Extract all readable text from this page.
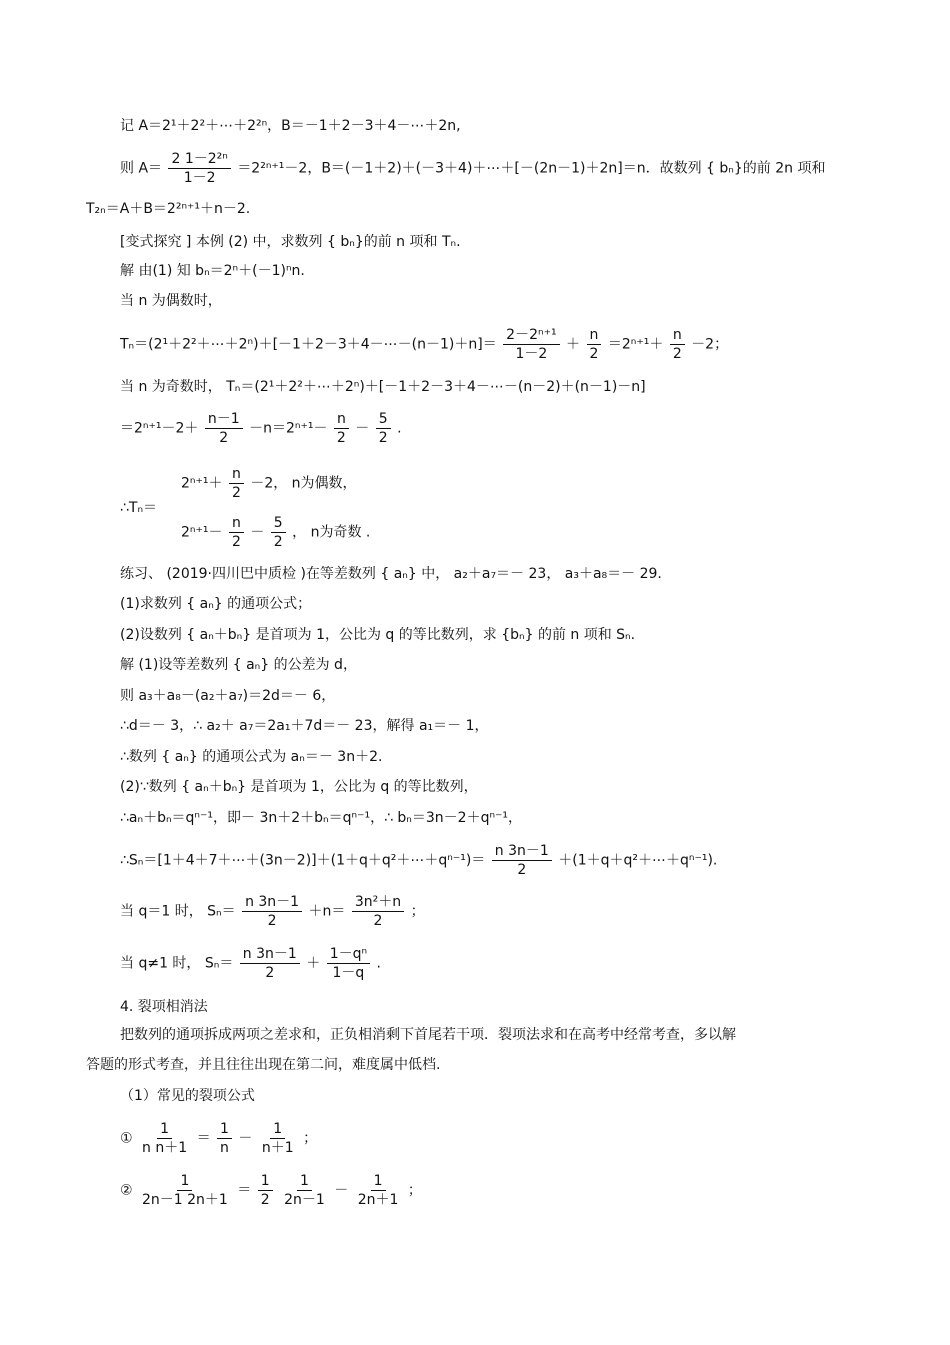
记 A＝2¹＋2²＋⋯＋2²ⁿ，B＝－1＋2－3＋4－⋯＋2n,
则 $A= \frac{\text{2 1－2²ⁿ}}{1-2} =2^{2n+1}-2$，B＝(－1＋2)＋(－3＋4)＋⋯＋[－(2n－1)＋2n]＝n．故数列 { bₙ}的前 2n 项和
T₂ₙ＝A＋B＝2²ⁿ⁺¹＋n－2.
[变式探究 ] 本例 (2) 中，求数列 { bₙ}的前 n 项和 Tₙ.
解 由(1) 知 bₙ＝2ⁿ＋(－1)ⁿn.
当 n 为偶数时，
Tₙ＝(2¹＋2²＋⋯＋2ⁿ)＋[－1＋2－3＋4－⋯－(n－1)＋n]＝ $\frac{\text{2－2ⁿ⁺¹}}{1-2} + \frac{n}{2} =2^{n+1}+ \frac{n}{2} -2$；
当 n 为奇数时， Tₙ＝(2¹＋2²＋⋯＋2ⁿ)＋[－1＋2－3＋4－⋯－(n－2)＋(n－1)－n]
$=2^{n+1}-2+ \frac{n-1}{2} -n=2^{n+1}- \frac{n}{2} - \frac{5}{2}$ .
$2^{n+1}+ \frac{n}{2} -2$， n为偶数，
∴Tₙ＝
$2^{n+1}- \frac{n}{2} - \frac{5}{2}$ ， n为奇数 .
练习、 (2019·四川巴中质检 )在等差数列 { aₙ} 中， a₂＋a₇＝－ 23， a₃＋a₈＝－ 29.
(1)求数列 { aₙ} 的通项公式；
(2)设数列 { aₙ＋bₙ} 是首项为 1，公比为 q 的等比数列，求 {bₙ} 的前 n 项和 Sₙ.
解 (1)设等差数列 { aₙ} 的公差为 d，
则 a₃＋a₈－(a₂＋a₇)＝2d＝－ 6，
∴d＝－ 3，∴ a₂＋ a₇＝2a₁＋7d＝－ 23，解得 a₁＝－ 1，
∴数列 { aₙ} 的通项公式为 aₙ＝－ 3n＋2.
(2)∵数列 { aₙ＋bₙ} 是首项为 1，公比为 q 的等比数列，
∴aₙ＋bₙ＝qⁿ⁻¹，即－ 3n＋2＋bₙ＝qⁿ⁻¹，∴ bₙ＝3n－2＋qⁿ⁻¹，
∴Sₙ＝[1＋4＋7＋⋯＋(3n－2)]＋(1＋q＋q²＋⋯＋qⁿ⁻¹)＝ $\frac{n 3n-1}{2}$ ＋(1＋q＋q²＋⋯＋qⁿ⁻¹).
当 q＝1 时， $S_n= \frac{n 3n-1}{2} +n= \frac{\text{3n²＋n}}{2}$ ；
当 q≠1 时， $S_n= \frac{n 3n-1}{2} + \frac{\text{1－qⁿ}}{1-q}$ .
4. 裂项相消法
把数列的通项拆成两项之差求和，正负相消剩下首尾若干项．裂项法求和在高考中经常考查，多以解
答题的形式考查，并且往往出现在第二问，难度属中低档.
（1）常见的裂项公式
① $\frac{1}{\text{n n＋1}} = \frac{1}{n} - \frac{1}{n+1}$ ；
② $\frac{1}{2n-1 2n+1} = \frac{1}{2}$
$\frac{1}{2n-1} - \frac{1}{2n+1}$ ；
